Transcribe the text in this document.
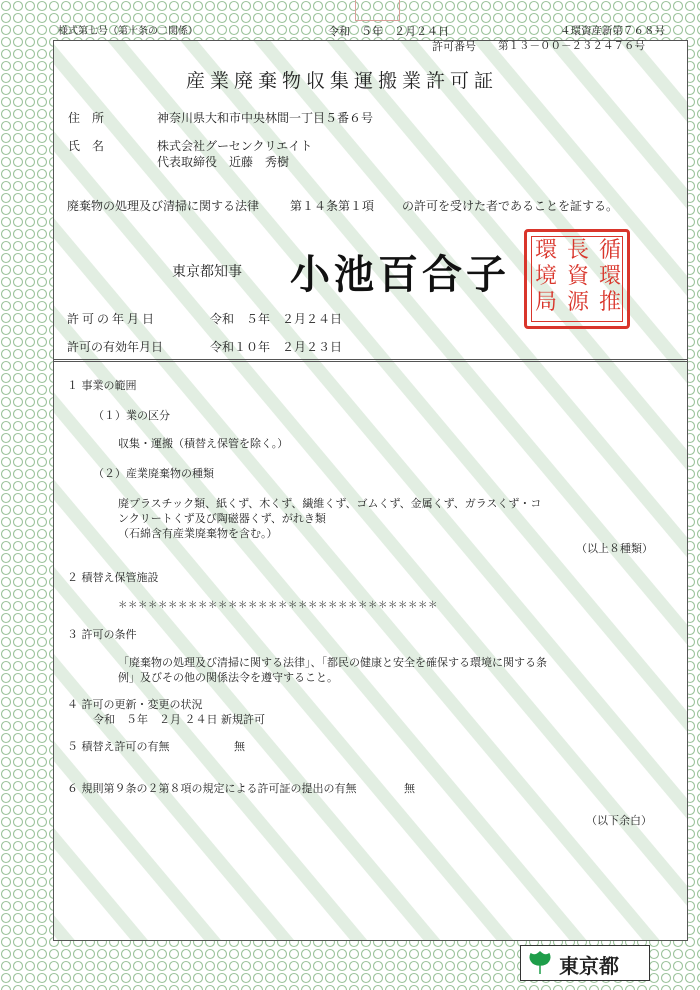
様式第七号（第十条の二関係）	令和　５年　２月２４日	４環資産新第７６８号
許可番号 第１３－００－２３２４７６号
産業廃棄物収集運搬業許可証
住　所	神奈川県大和市中央林間一丁目５番６号
氏　名	株式会社グーセンクリエイト
代表取締役　近藤　秀樹
廃棄物の処理及び清掃に関する法律	第１４条第１項 の許可を受けた者であることを証する。
東京都知事 小池百合子
環
境
局
長
資
源
循
環
推
許可の年月日	令和　５年　２月２４日
許可の有効年月日	令和１０年　２月２３日
１ 事業の範囲
（１）業の区分
収集・運搬（積替え保管を除く。）
（２）産業廃棄物の種類
廃プラスチック類、紙くず、木くず、繊維くず、ゴムくず、金属くず、ガラスくず・コ
ンクリートくず及び陶磁器くず、がれき類
（石綿含有産業廃棄物を含む。）
（以上８種類）
２ 積替え保管施設
＊＊＊＊＊＊＊＊＊＊＊＊＊＊＊＊＊＊＊＊＊＊＊＊＊＊＊＊＊＊＊＊
３ 許可の条件
「廃棄物の処理及び清掃に関する法律」、「都民の健康と安全を確保する環境に関する条
例」及びその他の関係法令を遵守すること。
４ 許可の更新・変更の状況
令和　５年　２月 ２４日 新規許可
５ 積替え許可の有無	無
６ 規則第９条の２第８項の規定による許可証の提出の有無	無
（以下余白）
東京都
